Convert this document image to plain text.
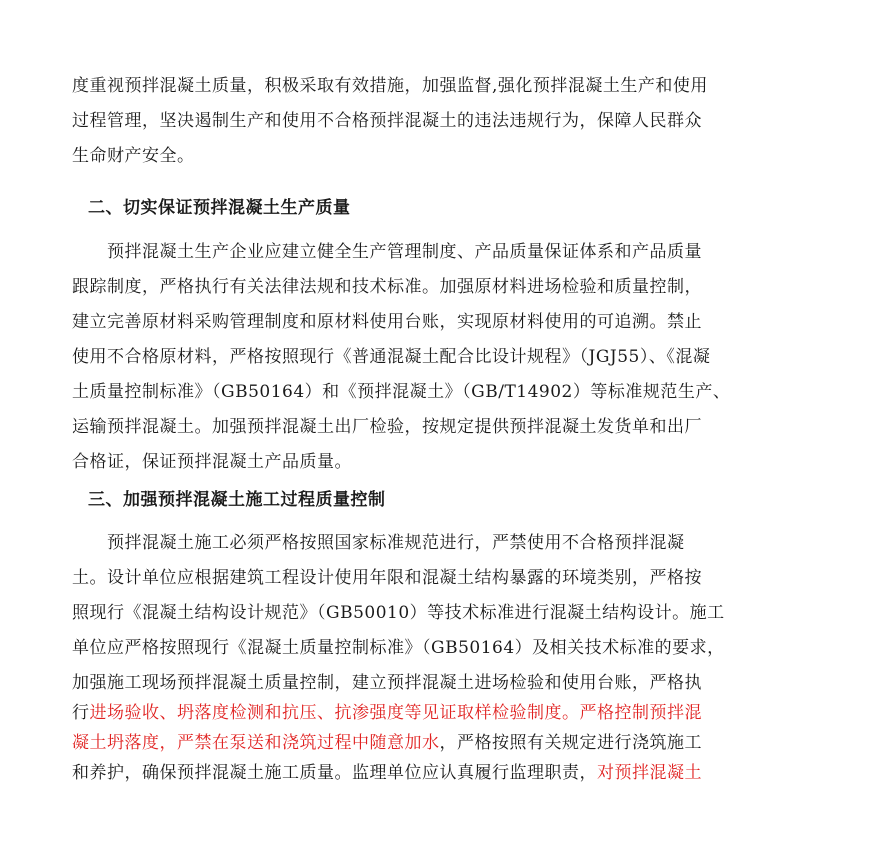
度重视预拌混凝土质量，积极采取有效措施，加强监督,强化预拌混凝土生产和使用
过程管理，坚决遏制生产和使用不合格预拌混凝土的违法违规行为，保障人民群众
生命财产安全。
二、切实保证预拌混凝土生产质量
　　预拌混凝土生产企业应建立健全生产管理制度、产品质量保证体系和产品质量
跟踪制度，严格执行有关法律法规和技术标准。加强原材料进场检验和质量控制，
建立完善原材料采购管理制度和原材料使用台账，实现原材料使用的可追溯。禁止
使用不合格原材料，严格按照现行《普通混凝土配合比设计规程》（JGJ55）、《混凝
土质量控制标准》（GB50164）和《预拌混凝土》（GB/T14902）等标准规范生产、
运输预拌混凝土。加强预拌混凝土出厂检验，按规定提供预拌混凝土发货单和出厂
合格证，保证预拌混凝土产品质量。
三、加强预拌混凝土施工过程质量控制
　　预拌混凝土施工必须严格按照国家标准规范进行，严禁使用不合格预拌混凝
土。设计单位应根据建筑工程设计使用年限和混凝土结构暴露的环境类别，严格按
照现行《混凝土结构设计规范》（GB50010）等技术标准进行混凝土结构设计。施工
单位应严格按照现行《混凝土质量控制标准》（GB50164）及相关技术标准的要求，
加强施工现场预拌混凝土质量控制，建立预拌混凝土进场检验和使用台账，严格执
行进场验收、坍落度检测和抗压、抗渗强度等见证取样检验制度。严格控制预拌混
凝土坍落度，严禁在泵送和浇筑过程中随意加水，严格按照有关规定进行浇筑施工
和养护，确保预拌混凝土施工质量。监理单位应认真履行监理职责，对预拌混凝土
